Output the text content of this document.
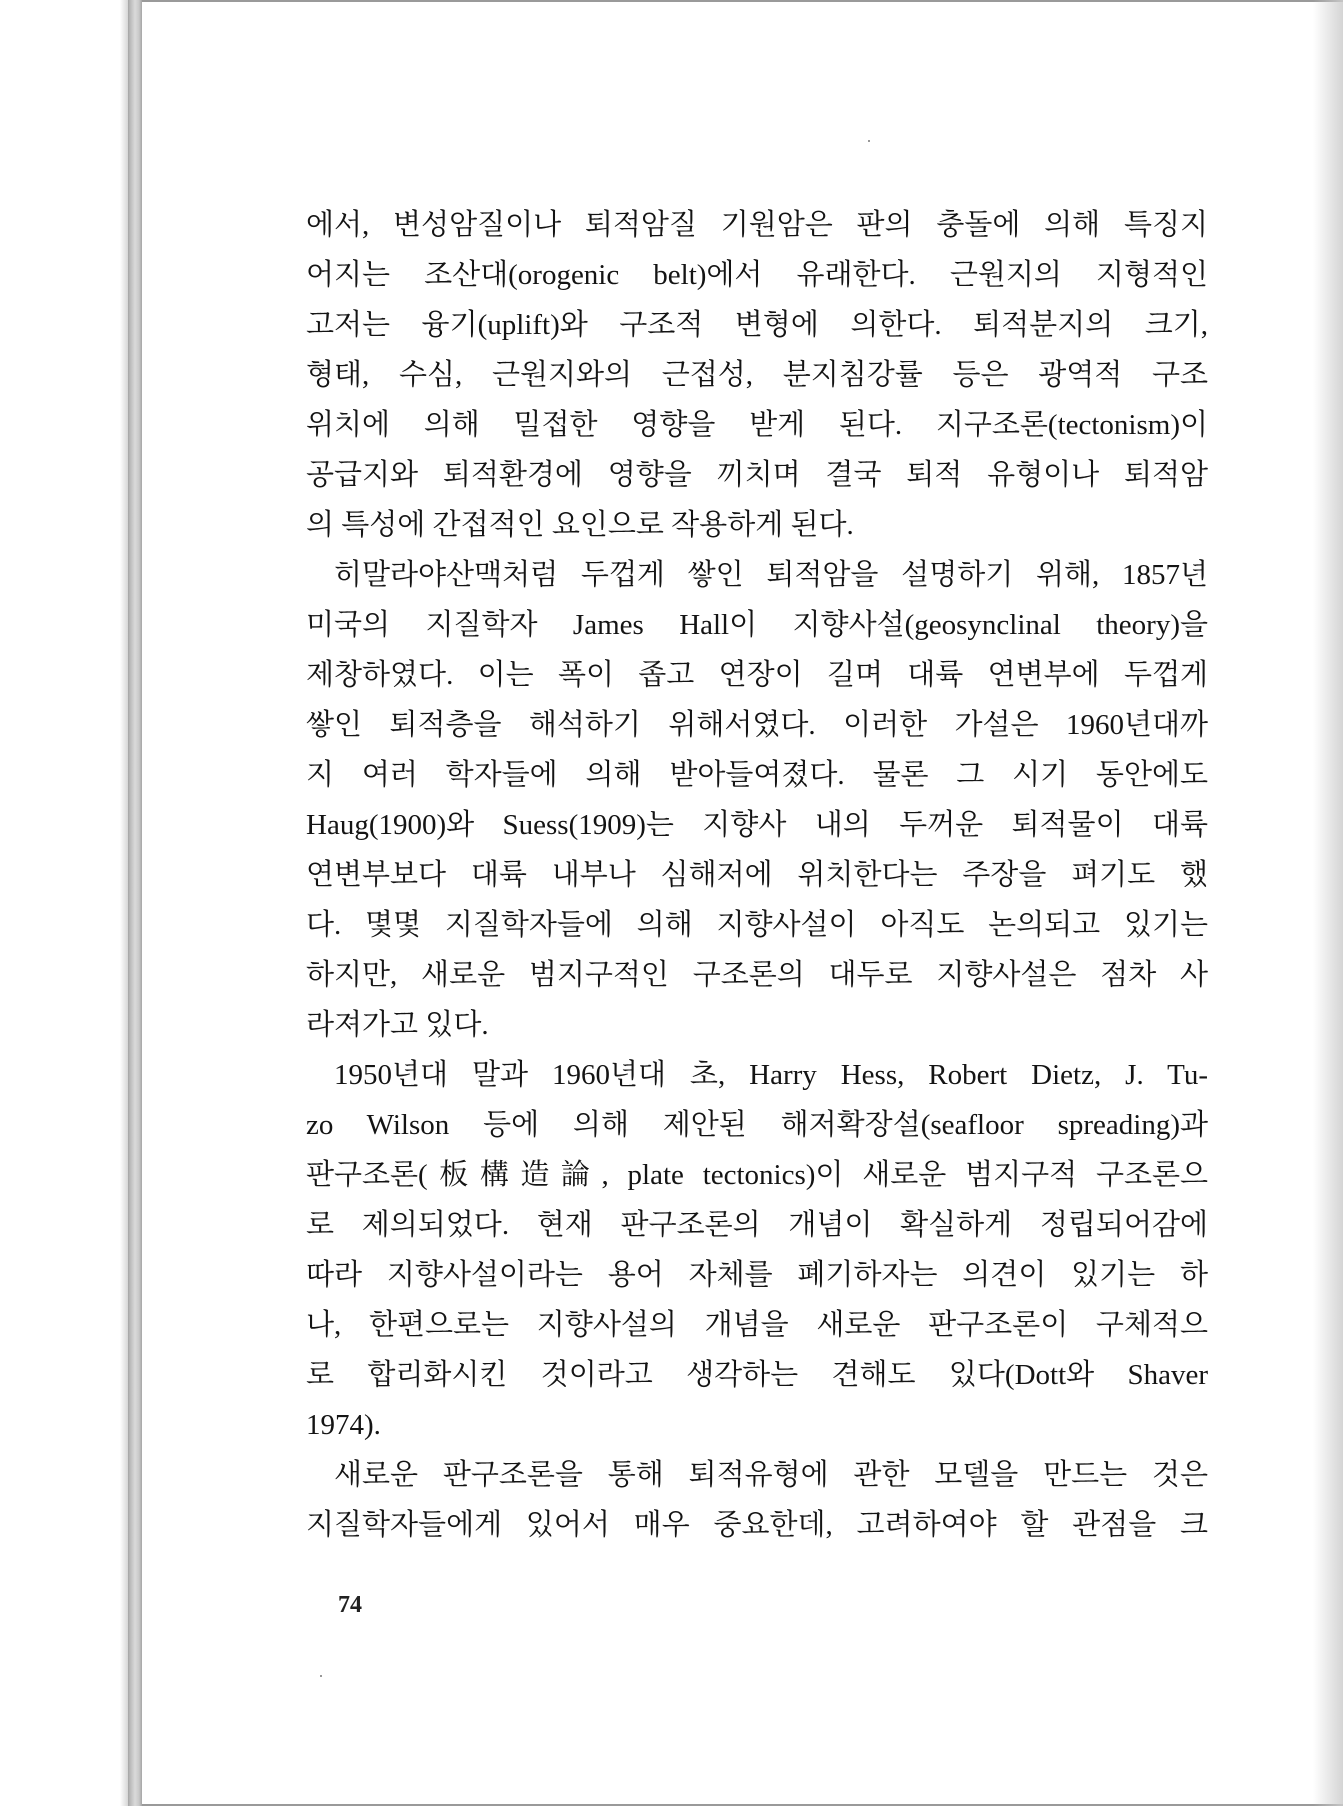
에서, 변성암질이나 퇴적암질 기원암은 판의 충돌에 의해 특징지
어지는 조산대(orogenic belt)에서 유래한다. 근원지의 지형적인
고저는 융기(uplift)와 구조적 변형에 의한다. 퇴적분지의 크기,
형태, 수심, 근원지와의 근접성, 분지침강률 등은 광역적 구조
위치에 의해 밀접한 영향을 받게 된다. 지구조론(tectonism)이
공급지와 퇴적환경에 영향을 끼치며 결국 퇴적 유형이나 퇴적암
의 특성에 간접적인 요인으로 작용하게 된다.
히말라야산맥처럼 두껍게 쌓인 퇴적암을 설명하기 위해, 1857년
미국의 지질학자 James Hall이 지향사설(geosynclinal theory)을
제창하였다. 이는 폭이 좁고 연장이 길며 대륙 연변부에 두껍게
쌓인 퇴적층을 해석하기 위해서였다. 이러한 가설은 1960년대까
지 여러 학자들에 의해 받아들여졌다. 물론 그 시기 동안에도
Haug(1900)와 Suess(1909)는 지향사 내의 두꺼운 퇴적물이 대륙
연변부보다 대륙 내부나 심해저에 위치한다는 주장을 펴기도 했
다. 몇몇 지질학자들에 의해 지향사설이 아직도 논의되고 있기는
하지만, 새로운 범지구적인 구조론의 대두로 지향사설은 점차 사
라져가고 있다.
1950년대 말과 1960년대 초, Harry Hess, Robert Dietz, J. Tu-
zo Wilson 등에 의해 제안된 해저확장설(seafloor spreading)과
판구조론(板構造論, plate tectonics)이 새로운 범지구적 구조론으
로 제의되었다. 현재 판구조론의 개념이 확실하게 정립되어감에
따라 지향사설이라는 용어 자체를 폐기하자는 의견이 있기는 하
나, 한편으로는 지향사설의 개념을 새로운 판구조론이 구체적으
로 합리화시킨 것이라고 생각하는 견해도 있다(Dott와 Shaver
1974).
새로운 판구조론을 통해 퇴적유형에 관한 모델을 만드는 것은
지질학자들에게 있어서 매우 중요한데, 고려하여야 할 관점을 크
74
